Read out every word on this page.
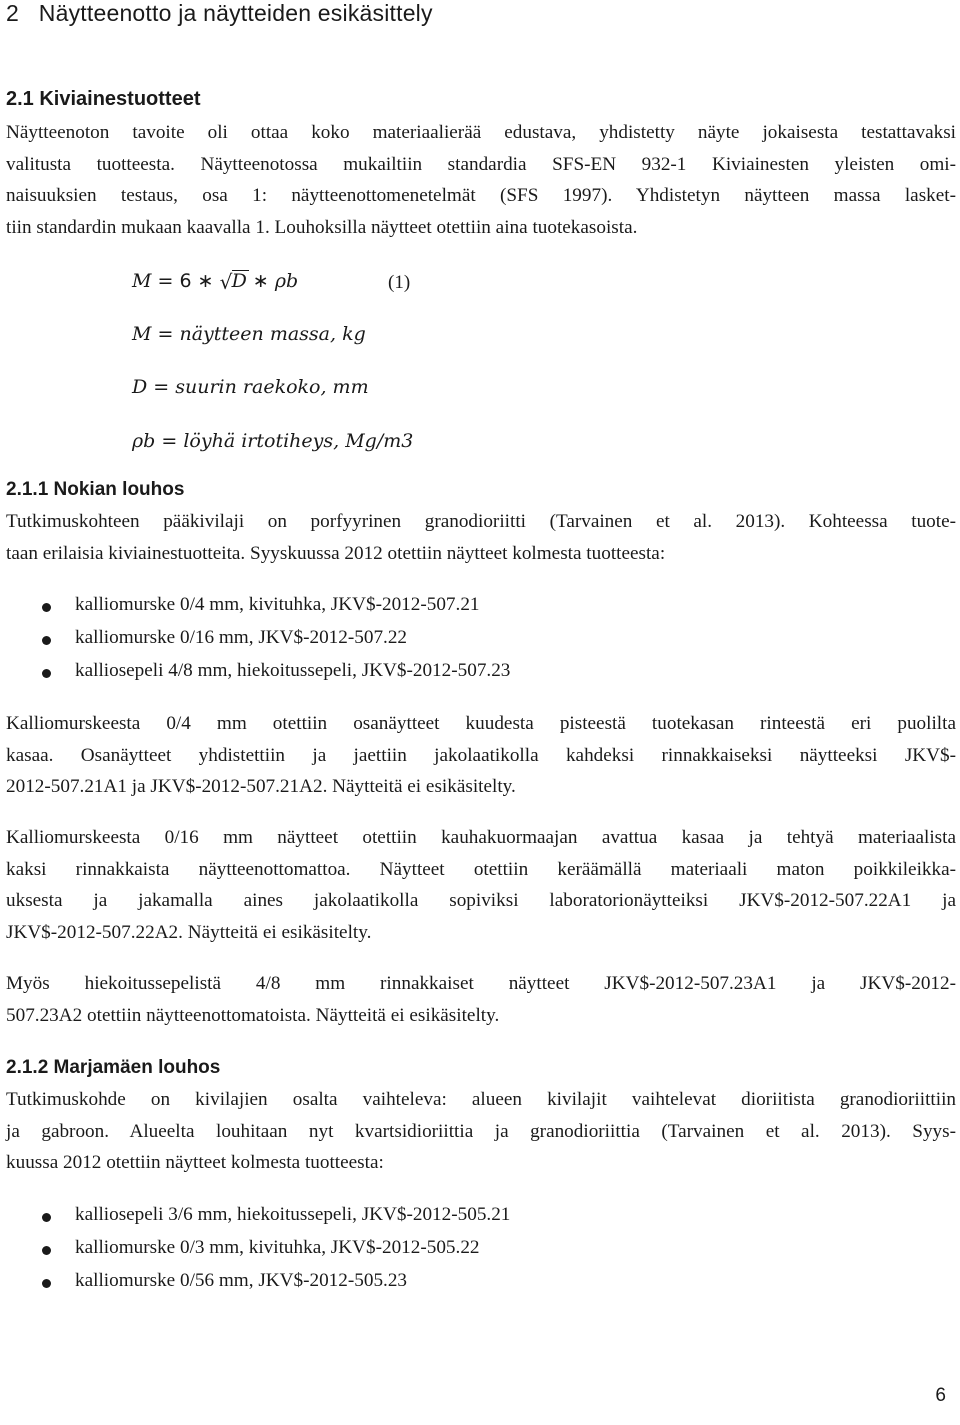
2 Näytteenotto ja näytteiden esikäsittely
2.1 Kiviainestuotteet
Näytteenoton tavoite oli ottaa koko materiaalierää edustava, yhdistetty näyte jokaisesta testattavaksi
valitusta tuotteesta. Näytteenotossa mukailtiin standardia SFS-EN 932-1 Kiviainesten yleisten omi-
naisuuksien testaus, osa 1: näytteenottomenetelmät (SFS 1997). Yhdistetyn näytteen massa lasket-
tiin standardin mukaan kaavalla 1. Louhoksilla näytteet otettiin aina tuotekasoista.
M = 6 ∗ √ D ∗ ρb	(1)
M = näytteen massa, kg
D = suurin raekoko, mm
ρb = löyhä irtotiheys, Mg/m3
2.1.1 Nokian louhos
Tutkimuskohteen pääkivilaji on porfyyrinen granodioriitti (Tarvainen et al. 2013). Kohteessa tuote-
taan erilaisia kiviainestuotteita. Syyskuussa 2012 otettiin näytteet kolmesta tuotteesta:
kalliomurske 0/4 mm, kivituhka, JKV$-2012-507.21
kalliomurske 0/16 mm, JKV$-2012-507.22
kalliosepeli 4/8 mm, hiekoitussepeli, JKV$-2012-507.23
Kalliomurskeesta 0/4 mm otettiin osanäytteet kuudesta pisteestä tuotekasan rinteestä eri puolilta
kasaa. Osanäytteet yhdistettiin ja jaettiin jakolaatikolla kahdeksi rinnakkaiseksi näytteeksi JKV$-
2012-507.21A1 ja JKV$-2012-507.21A2. Näytteitä ei esikäsitelty.
Kalliomurskeesta 0/16 mm näytteet otettiin kauhakuormaajan avattua kasaa ja tehtyä materiaalista
kaksi rinnakkaista näytteenottomattoa. Näytteet otettiin keräämällä materiaali maton poikkileikka-
uksesta ja jakamalla aines jakolaatikolla sopiviksi laboratorionäytteiksi JKV$-2012-507.22A1 ja
JKV$-2012-507.22A2. Näytteitä ei esikäsitelty.
Myös hiekoitussepelistä 4/8 mm rinnakkaiset näytteet JKV$-2012-507.23A1 ja JKV$-2012-
507.23A2 otettiin näytteenottomatoista. Näytteitä ei esikäsitelty.
2.1.2 Marjamäen louhos
Tutkimuskohde on kivilajien osalta vaihteleva: alueen kivilajit vaihtelevat dioriitista granodioriittiin
ja gabroon. Alueelta louhitaan nyt kvartsidioriittia ja granodioriittia (Tarvainen et al. 2013). Syys-
kuussa 2012 otettiin näytteet kolmesta tuotteesta:
kalliosepeli 3/6 mm, hiekoitussepeli, JKV$-2012-505.21
kalliomurske 0/3 mm, kivituhka, JKV$-2012-505.22
kalliomurske 0/56 mm, JKV$-2012-505.23
6
